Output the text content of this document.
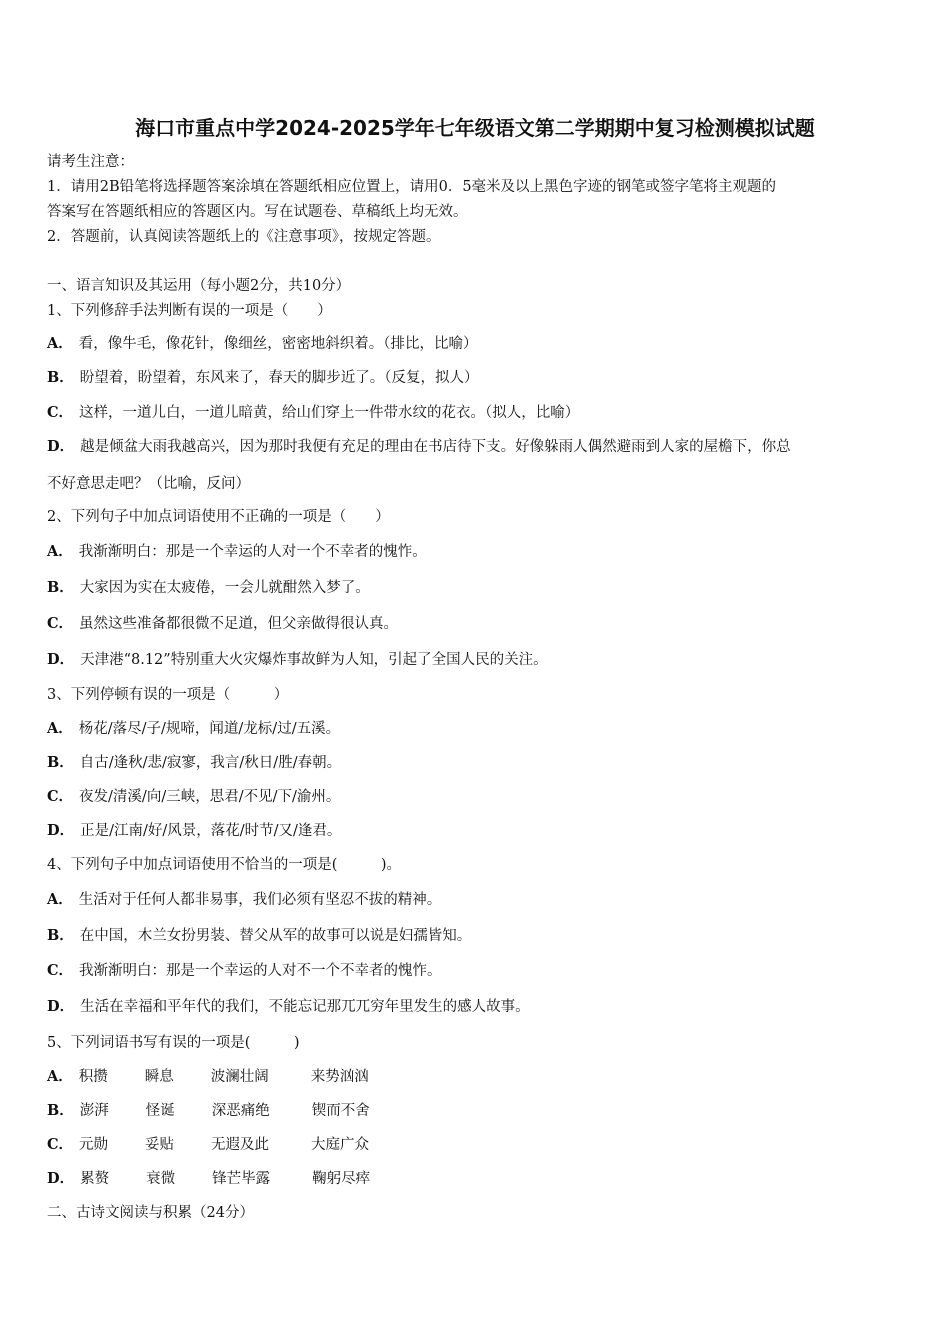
海口市重点中学2024-2025学年七年级语文第二学期期中复习检测模拟试题
请考生注意：
1．请用2B铅笔将选择题答案涂填在答题纸相应位置上，请用0．5毫米及以上黑色字迹的钢笔或签字笔将主观题的
答案写在答题纸相应的答题区内。写在试题卷、草稿纸上均无效。
2．答题前，认真阅读答题纸上的《注意事项》，按规定答题。
一、语言知识及其运用（每小题2分，共10分）
1、下列修辞手法判断有误的一项是（　　）
A． 看，像牛毛，像花针，像细丝，密密地斜织着。（排比，比喻）
B． 盼望着，盼望着，东风来了，春天的脚步近了。（反复，拟人）
C． 这样，一道儿白，一道儿暗黄，给山们穿上一件带水纹的花衣。（拟人，比喻）
D． 越是倾盆大雨我越高兴，因为那时我便有充足的理由在书店待下支。好像躲雨人偶然避雨到人家的屋檐下，你总
不好意思走吧？（比喻，反问）
2、下列句子中加点词语使用不正确的一项是（　　）
A． 我渐渐明白：那是一个幸运的人对一个不幸者的愧怍。
B． 大家因为实在太疲倦，一会儿就酣然入梦了。
C． 虽然这些准备都很微不足道，但父亲做得很认真。
D． 天津港“8.12”特别重大火灾爆炸事故鲜为人知，引起了全国人民的关注。
3、下列停顿有误的一项是（　　　）
A． 杨花/落尽/子/规啼，闻道/龙标/过/五溪。
B． 自古/逢秋/悲/寂寥，我言/秋日/胜/春朝。
C． 夜发/清溪/向/三峡，思君/不见/下/渝州。
D． 正是/江南/好/风景，落花/时节/又/逢君。
4、下列句子中加点词语使用不恰当的一项是(　　　)。
A． 生活对于任何人都非易事，我们必须有坚忍不拔的精神。
B． 在中国，木兰女扮男装、替父从军的故事可以说是妇孺皆知。
C． 我渐渐明白：那是一个幸运的人对不一个不幸者的愧怍。
D． 生活在幸福和平年代的我们，不能忘记那兀兀穷年里发生的感人故事。
5、下列词语书写有误的一项是(　　　)
A． 积攒	瞬息	波澜壮阔	来势汹汹
B． 澎湃	怪诞	深恶痛绝	锲而不舍
C． 元勋	妥贴	无遐及此	大庭广众
D． 累赘	衰微	锋芒毕露	鞠躬尽瘁
二、古诗文阅读与积累（24分）
